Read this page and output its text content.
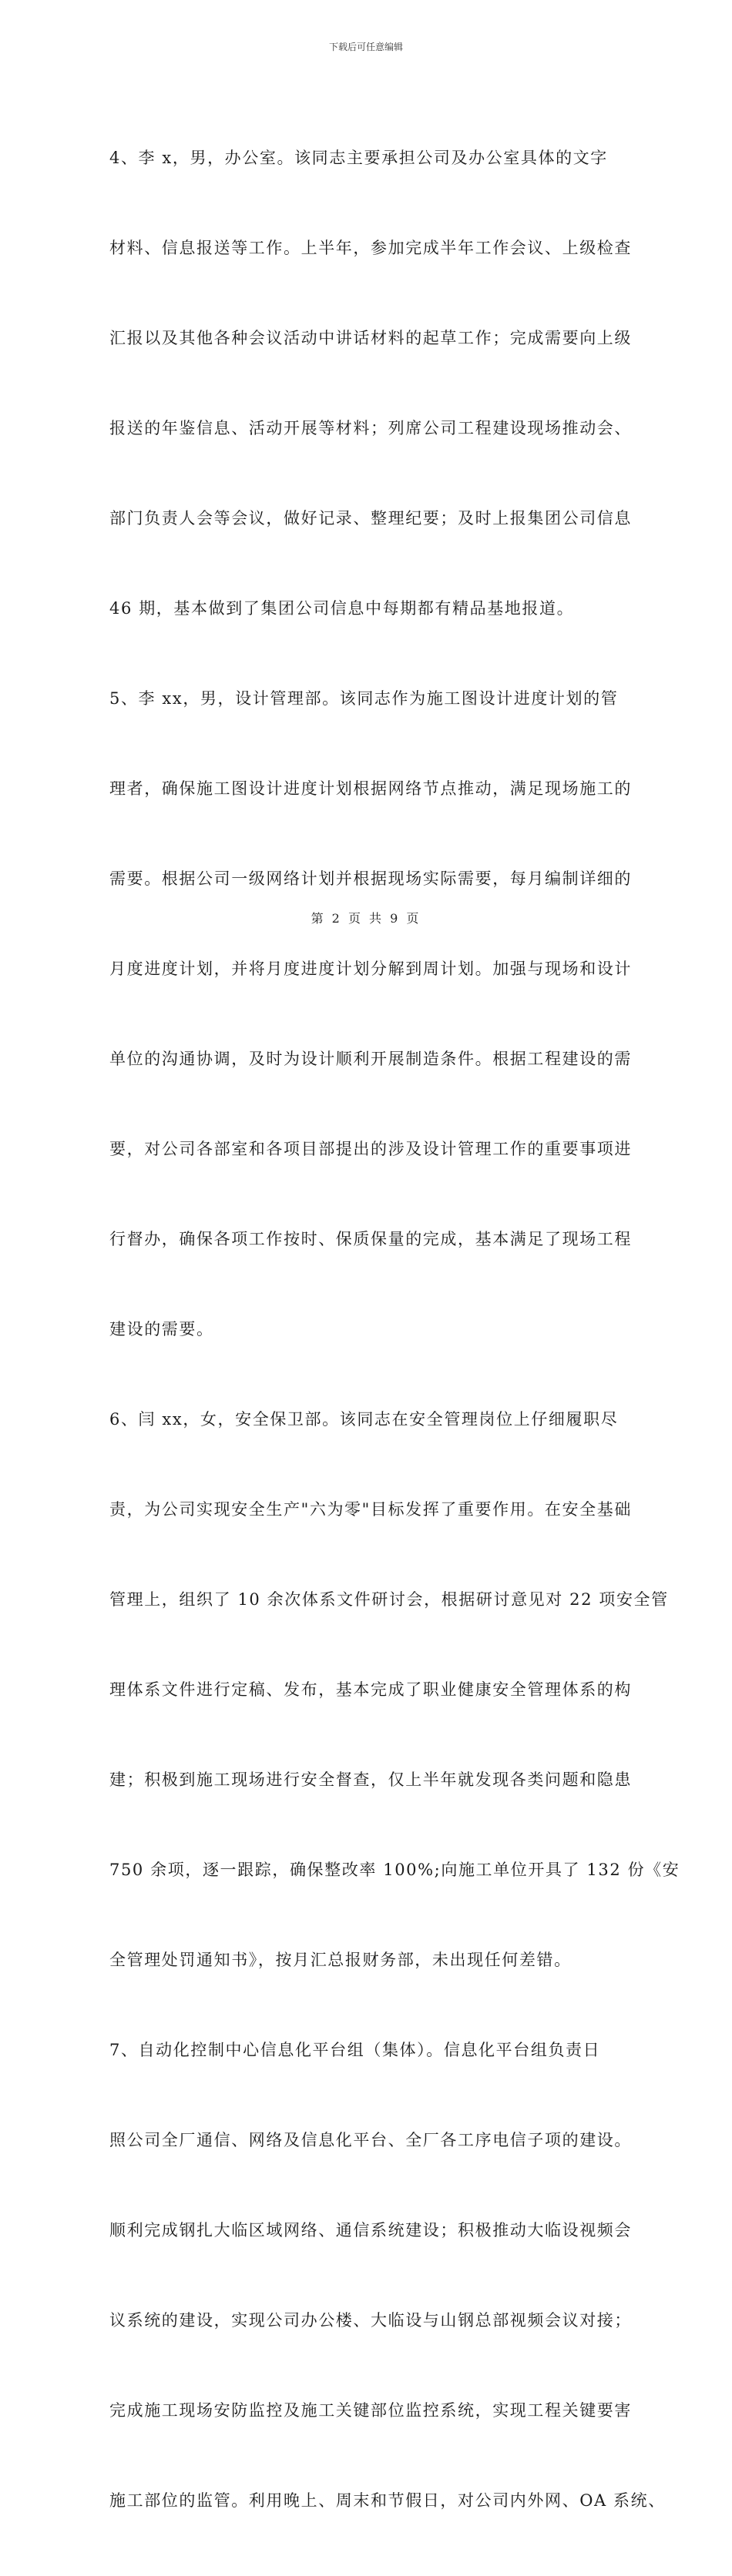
下载后可任意编辑

4、李 x，男，办公室。该同志主要承担公司及办公室具体的文字

材料、信息报送等工作。上半年，参加完成半年工作会议、上级检查

汇报以及其他各种会议活动中讲话材料的起草工作；完成需要向上级

报送的年鉴信息、活动开展等材料；列席公司工程建设现场推动会、

部门负责人会等会议，做好记录、整理纪要；及时上报集团公司信息

46 期，基本做到了集团公司信息中每期都有精品基地报道。

5、李 xx，男，设计管理部。该同志作为施工图设计进度计划的管

理者，确保施工图设计进度计划根据网络节点推动，满足现场施工的

需要。根据公司一级网络计划并根据现场实际需要，每月编制详细的

月度进度计划，并将月度进度计划分解到周计划。加强与现场和设计

单位的沟通协调，及时为设计顺利开展制造条件。根据工程建设的需

要，对公司各部室和各项目部提出的涉及设计管理工作的重要事项进

行督办，确保各项工作按时、保质保量的完成，基本满足了现场工程

建设的需要。

6、闫 xx，女，安全保卫部。该同志在安全管理岗位上仔细履职尽

责，为公司实现安全生产"六为零"目标发挥了重要作用。在安全基础

管理上，组织了 10 余次体系文件研讨会，根据研讨意见对 22 项安全管

理体系文件进行定稿、发布，基本完成了职业健康安全管理体系的构

建；积极到施工现场进行安全督查，仅上半年就发现各类问题和隐患

750 余项，逐一跟踪，确保整改率 100%;向施工单位开具了 132 份《安

全管理处罚通知书》，按月汇总报财务部，未出现任何差错。

7、自动化控制中心信息化平台组（集体）。信息化平台组负责日

照公司全厂通信、网络及信息化平台、全厂各工序电信子项的建设。

顺利完成钢扎大临区域网络、通信系统建设；积极推动大临设视频会

议系统的建设，实现公司办公楼、大临设与山钢总部视频会议对接；

完成施工现场安防监控及施工关键部位监控系统，实现工程关键要害

施工部位的监管。利用晚上、周末和节假日，对公司内外网、OA 系统、

第 2 页 共 9 页
